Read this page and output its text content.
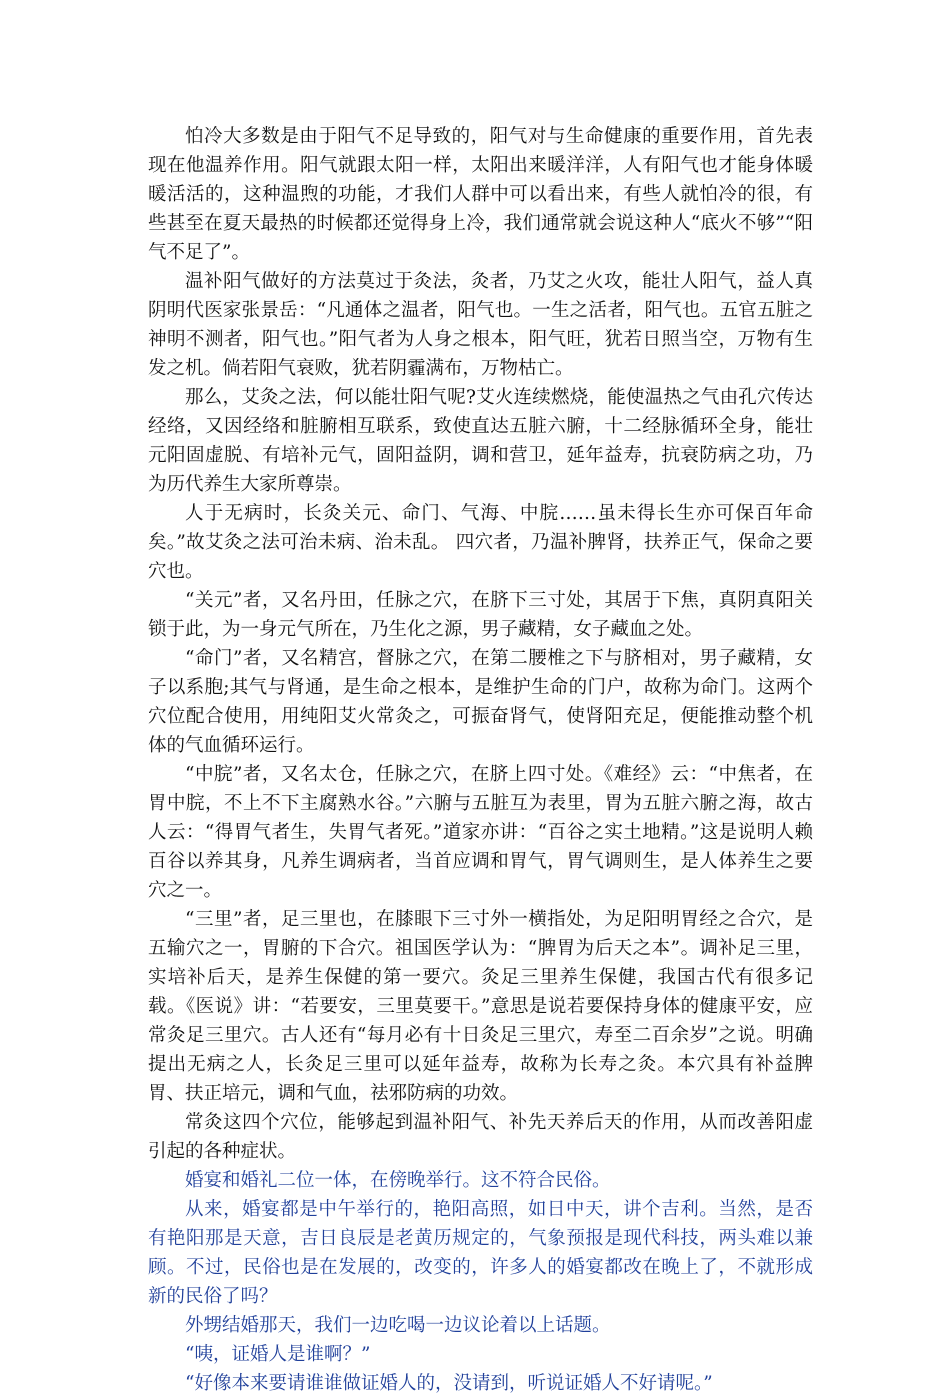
怕冷大多数是由于阳气不足导致的，阳气对与生命健康的重要作用，首先表现在他温养作用。阳气就跟太阳一样，太阳出来暖洋洋，人有阳气也才能身体暖暖活活的，这种温煦的功能，才我们人群中可以看出来，有些人就怕冷的很，有些甚至在夏天最热的时候都还觉得身上冷，我们通常就会说这种人“底火不够”“阳气不足了”。

温补阳气做好的方法莫过于灸法，灸者，乃艾之火攻，能壮人阳气，益人真阴明代医家张景岳：“凡通体之温者，阳气也。一生之活者，阳气也。五官五脏之神明不测者，阳气也。”阳气者为人身之根本，阳气旺，犹若日照当空，万物有生发之机。倘若阳气衰败，犹若阴霾满布，万物枯亡。

那么，艾灸之法，何以能壮阳气呢?艾火连续燃烧，能使温热之气由孔穴传达经络，又因经络和脏腑相互联系，致使直达五脏六腑，十二经脉循环全身，能壮元阳固虚脱、有培补元气，固阳益阴，调和营卫，延年益寿，抗衰防病之功，乃为历代养生大家所尊崇。

人于无病时，长灸关元、命门、气海、中脘……虽未得长生亦可保百年命矣。”故艾灸之法可治未病、治未乱。 四穴者，乃温补脾肾，扶养正气，保命之要穴也。

“关元”者，又名丹田，任脉之穴，在脐下三寸处，其居于下焦，真阴真阳关锁于此，为一身元气所在，乃生化之源，男子藏精，女子藏血之处。

“命门”者，又名精宫，督脉之穴，在第二腰椎之下与脐相对，男子藏精，女子以系胞;其气与肾通，是生命之根本，是维护生命的门户，故称为命门。这两个穴位配合使用，用纯阳艾火常灸之，可振奋肾气，使肾阳充足，便能推动整个机体的气血循环运行。

“中脘”者，又名太仓，任脉之穴，在脐上四寸处。《难经》云：“中焦者，在胃中脘，不上不下主腐熟水谷。”六腑与五脏互为表里，胃为五脏六腑之海，故古人云：“得胃气者生，失胃气者死。”道家亦讲：“百谷之实土地精。”这是说明人赖百谷以养其身，凡养生调病者，当首应调和胃气，胃气调则生，是人体养生之要穴之一。

“三里”者，足三里也，在膝眼下三寸外一横指处，为足阳明胃经之合穴，是五输穴之一，胃腑的下合穴。祖国医学认为：“脾胃为后天之本”。调补足三里，实培补后天，是养生保健的第一要穴。灸足三里养生保健，我国古代有很多记载。《医说》讲：“若要安，三里莫要干。”意思是说若要保持身体的健康平安，应常灸足三里穴。古人还有“每月必有十日灸足三里穴，寿至二百余岁”之说。明确提出无病之人，长灸足三里可以延年益寿，故称为长寿之灸。本穴具有补益脾胃、扶正培元，调和气血，祛邪防病的功效。

常灸这四个穴位，能够起到温补阳气、补先天养后天的作用，从而改善阳虚引起的各种症状。

婚宴和婚礼二位一体，在傍晚举行。这不符合民俗。

从来，婚宴都是中午举行的，艳阳高照，如日中天，讲个吉利。当然，是否有艳阳那是天意，吉日良辰是老黄历规定的，气象预报是现代科技，两头难以兼顾。不过，民俗也是在发展的，改变的，许多人的婚宴都改在晚上了，不就形成新的民俗了吗？

外甥结婚那天，我们一边吃喝一边议论着以上话题。

“咦，证婚人是谁啊？”

“好像本来要请谁谁做证婚人的，没请到，听说证婚人不好请呢。”
